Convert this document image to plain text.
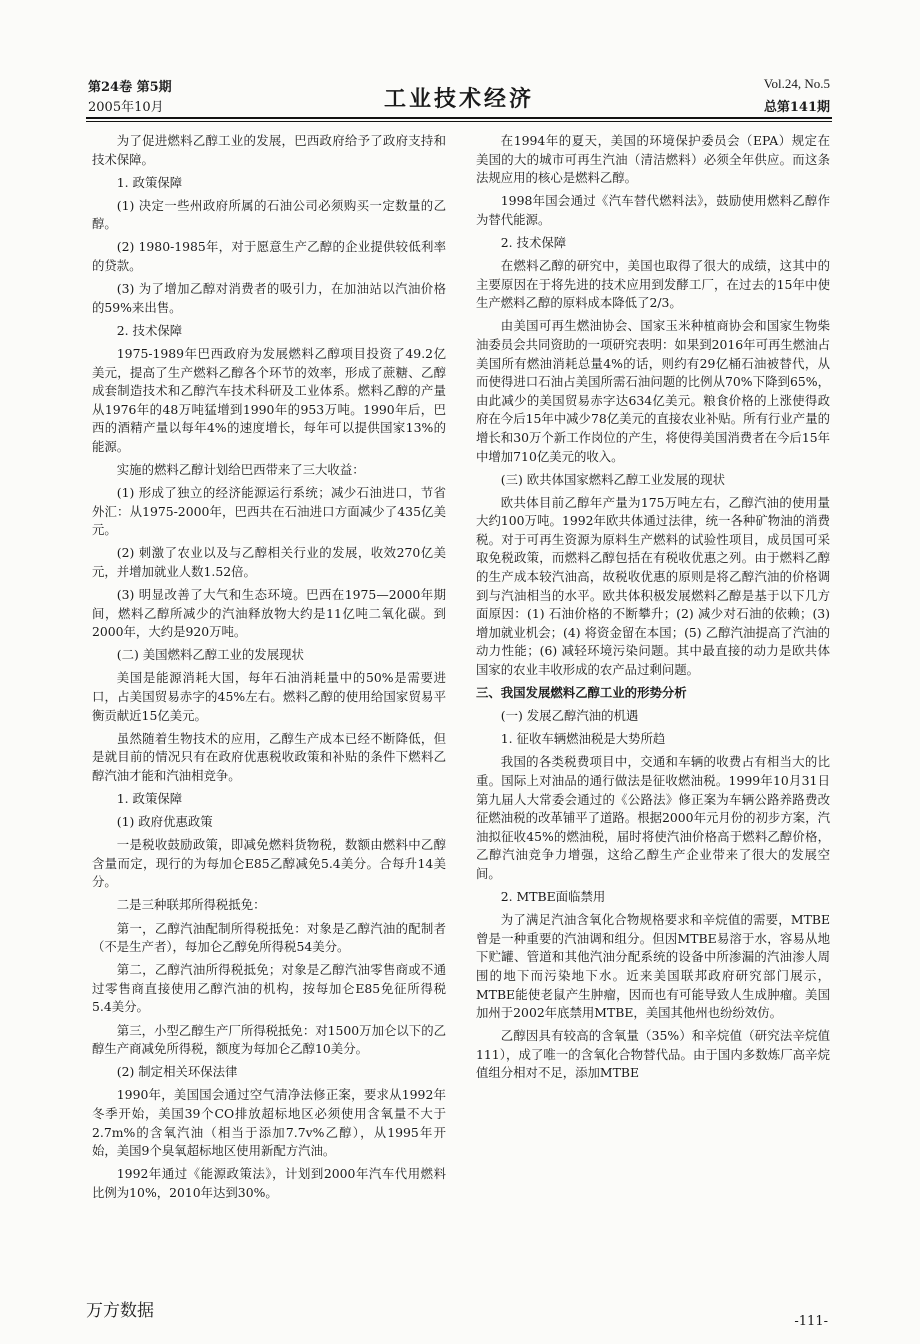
第24卷 第5期
2005年10月	工业技术经济
Vol.24, No.5
总第141期

为了促进燃料乙醇工业的发展，巴西政府给予了政府支持和技术保障。

1. 政策保障

(1) 决定一些州政府所属的石油公司必须购买一定数量的乙醇。

(2) 1980-1985年，对于愿意生产乙醇的企业提供较低利率的贷款。

(3) 为了增加乙醇对消费者的吸引力，在加油站以汽油价格的59%来出售。

2. 技术保障

1975-1989年巴西政府为发展燃料乙醇项目投资了49.2亿美元，提高了生产燃料乙醇各个环节的效率，形成了蔗糖、乙醇成套制造技术和乙醇汽车技术科研及工业体系。燃料乙醇的产量从1976年的48万吨猛增到1990年的953万吨。1990年后，巴西的酒精产量以每年4%的速度增长，每年可以提供国家13%的能源。

实施的燃料乙醇计划给巴西带来了三大收益：

(1) 形成了独立的经济能源运行系统；减少石油进口，节省外汇：从1975-2000年，巴西共在石油进口方面减少了435亿美元。

(2) 刺激了农业以及与乙醇相关行业的发展，收效270亿美元，并增加就业人数1.52倍。

(3) 明显改善了大气和生态环境。巴西在1975—2000年期间，燃料乙醇所减少的汽油释放物大约是11亿吨二氧化碳。到2000年，大约是920万吨。

(二) 美国燃料乙醇工业的发展现状

美国是能源消耗大国，每年石油消耗量中的50%是需要进口，占美国贸易赤字的45%左右。燃料乙醇的使用给国家贸易平衡贡献近15亿美元。

虽然随着生物技术的应用，乙醇生产成本已经不断降低，但是就目前的情况只有在政府优惠税收政策和补贴的条件下燃料乙醇汽油才能和汽油相竞争。

1. 政策保障

(1) 政府优惠政策

一是税收鼓励政策，即减免燃料货物税，数额由燃料中乙醇含量而定，现行的为每加仑E85乙醇减免5.4美分。合每升14美分。

二是三种联邦所得税抵免：

第一，乙醇汽油配制所得税抵免：对象是乙醇汽油的配制者（不是生产者），每加仑乙醇免所得税54美分。

第二，乙醇汽油所得税抵免；对象是乙醇汽油零售商或不通过零售商直接使用乙醇汽油的机构，按每加仑E85免征所得税5.4美分。

第三，小型乙醇生产厂所得税抵免：对1500万加仑以下的乙醇生产商减免所得税，额度为每加仑乙醇10美分。

(2) 制定相关环保法律

1990年，美国国会通过空气清净法修正案，要求从1992年冬季开始，美国39个CO排放超标地区必须使用含氧量不大于2.7m%的含氧汽油（相当于添加7.7v%乙醇），从1995年开始，美国9个臭氧超标地区使用新配方汽油。

1992年通过《能源政策法》，计划到2000年汽车代用燃料比例为10%，2010年达到30%。

在1994年的夏天，美国的环境保护委员会（EPA）规定在美国的大的城市可再生汽油（清洁燃料）必须全年供应。而这条法规应用的核心是燃料乙醇。

1998年国会通过《汽车替代燃料法》，鼓励使用燃料乙醇作为替代能源。

2. 技术保障

在燃料乙醇的研究中，美国也取得了很大的成绩，这其中的主要原因在于将先进的技术应用到发酵工厂，在过去的15年中使生产燃料乙醇的原料成本降低了2/3。

由美国可再生燃油协会、国家玉米种植商协会和国家生物柴油委员会共同资助的一项研究表明：如果到2016年可再生燃油占美国所有燃油消耗总量4%的话，则约有29亿桶石油被替代，从而使得进口石油占美国所需石油问题的比例从70%下降到65%，由此减少的美国贸易赤字达634亿美元。粮食价格的上涨使得政府在今后15年中减少78亿美元的直接农业补贴。所有行业产量的增长和30万个新工作岗位的产生，将使得美国消费者在今后15年中增加710亿美元的收入。

(三) 欧共体国家燃料乙醇工业发展的现状

欧共体目前乙醇年产量为175万吨左右，乙醇汽油的使用量大约100万吨。1992年欧共体通过法律，统一各种矿物油的消费税。对于可再生资源为原料生产燃料的试验性项目，成员国可采取免税政策，而燃料乙醇包括在有税收优惠之列。由于燃料乙醇的生产成本较汽油高，故税收优惠的原则是将乙醇汽油的价格调到与汽油相当的水平。欧共体积极发展燃料乙醇是基于以下几方面原因：(1) 石油价格的不断攀升；(2) 减少对石油的依赖；(3) 增加就业机会；(4) 将资金留在本国；(5) 乙醇汽油提高了汽油的动力性能；(6) 减轻环境污染问题。其中最直接的动力是欧共体国家的农业丰收形成的农产品过剩问题。

三、我国发展燃料乙醇工业的形势分析

(一) 发展乙醇汽油的机遇

1. 征收车辆燃油税是大势所趋

我国的各类税费项目中，交通和车辆的收费占有相当大的比重。国际上对油品的通行做法是征收燃油税。1999年10月31日第九届人大常委会通过的《公路法》修正案为车辆公路养路费改征燃油税的改革铺平了道路。根据2000年元月份的初步方案，汽油拟征收45%的燃油税，届时将使汽油价格高于燃料乙醇价格，乙醇汽油竞争力增强，这给乙醇生产企业带来了很大的发展空间。

2. MTBE面临禁用

为了满足汽油含氧化合物规格要求和辛烷值的需要，MTBE曾是一种重要的汽油调和组分。但因MTBE易溶于水，容易从地下贮罐、管道和其他汽油分配系统的设备中所渗漏的汽油渗人周围的地下而污染地下水。近来美国联邦政府研究部门展示，MTBE能使老鼠产生肿瘤，因而也有可能导致人生成肿瘤。美国加州于2002年底禁用MTBE，美国其他州也纷纷效仿。

乙醇因具有较高的含氧量（35%）和辛烷值（研究法辛烷值111），成了唯一的含氧化合物替代品。由于国内多数炼厂高辛烷值组分相对不足，添加MTBE

万方数据
-111-
